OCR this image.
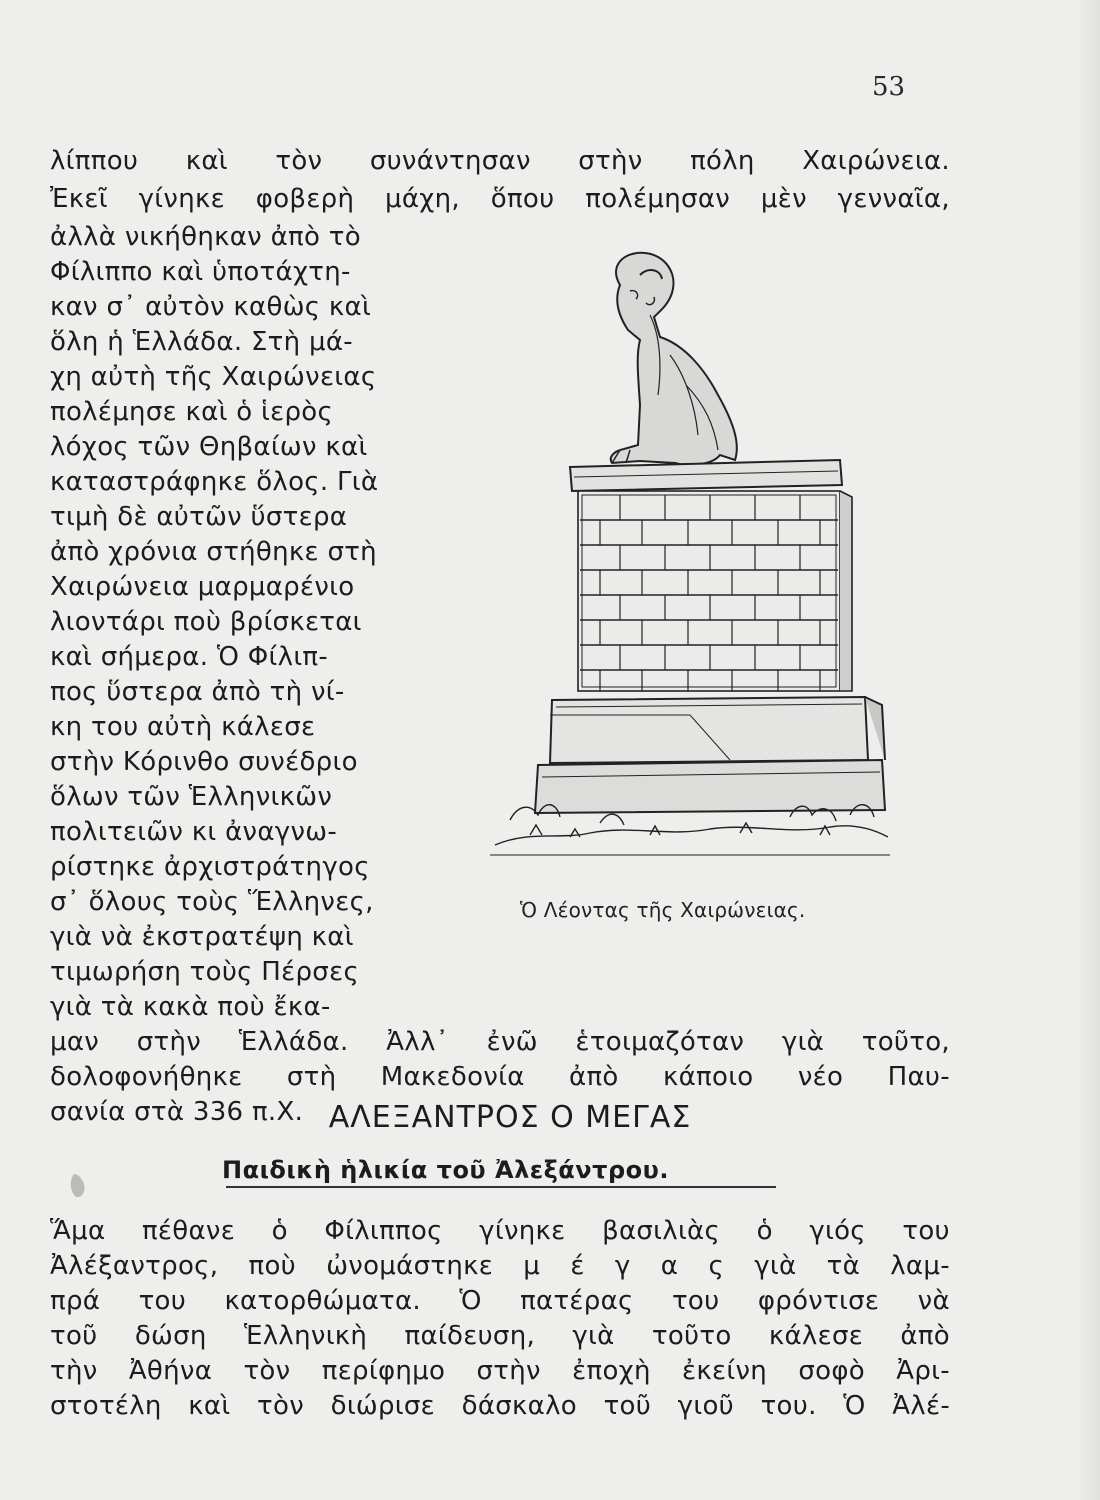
53
λίππου καὶ τὸν συνάντησαν στὴν πόλη Χαιρώνεια.
Ἐκεῖ γίνηκε φοβερὴ μάχη, ὅπου πολέμησαν μὲν γενναῖα,
ἀλλὰ νικήθηκαν ἀπὸ τὸ
Φίλιππο καὶ ὑποτάχτη-
καν σ᾽ αὐτὸν καθὼς καὶ
ὅλη ἡ Ἑλλάδα. Στὴ μά-
χη αὐτὴ τῆς Χαιρώνειας
πολέμησε καὶ ὁ ἱερὸς
λόχος τῶν Θηβαίων καὶ
καταστράφηκε ὅλος. Γιὰ
τιμὴ δὲ αὐτῶν ὕστερα
ἀπὸ χρόνια στήθηκε στὴ
Χαιρώνεια μαρμαρένιο
λιοντάρι ποὺ βρίσκεται
καὶ σήμερα. Ὁ Φίλιπ-
πος ὕστερα ἀπὸ τὴ νί-
κη του αὐτὴ κάλεσε
στὴν Κόρινθο συνέδριο
ὅλων τῶν Ἑλληνικῶν
πολιτειῶν κι ἀναγνω-
ρίστηκε ἀρχιστράτηγος
σ᾽ ὅλους τοὺς Ἕλληνες,
γιὰ νὰ ἐκστρατέψη καὶ
τιμωρήση τοὺς Πέρσες
γιὰ τὰ κακὰ ποὺ ἔκα-
μαν στὴν Ἑλλάδα. Ἀλλ᾽ ἐνῶ ἑτοιμαζόταν γιὰ τοῦτο,
δολοφονήθηκε στὴ Μακεδονία ἀπὸ κάποιο νέο Παυ-
Ὁ Λέοντας τῆς Χαιρώνειας.
σανία στὰ 336 π.Χ. ΑΛΕΞΑΝΤΡΟΣ Ο ΜΕΓΑΣ
Παιδικὴ ἡλικία τοῦ Ἀλεξάντρου.
Ἅμα πέθανε ὁ Φίλιππος γίνηκε βασιλιὰς ὁ γιός του
Ἀλέξαντρος, ποὺ ὠνομάστηκε μ έ γ α ς γιὰ τὰ λαμ-
πρά του κατορθώματα. Ὁ πατέρας του φρόντισε νὰ
τοῦ δώση Ἑλληνικὴ παίδευση, γιὰ τοῦτο κάλεσε ἀπὸ
τὴν Ἀθήνα τὸν περίφημο στὴν ἐποχὴ ἐκείνη σοφὸ Ἀρι-
στοτέλη καὶ τὸν διώρισε δάσκαλο τοῦ γιοῦ του. Ὁ Ἀλέ-
